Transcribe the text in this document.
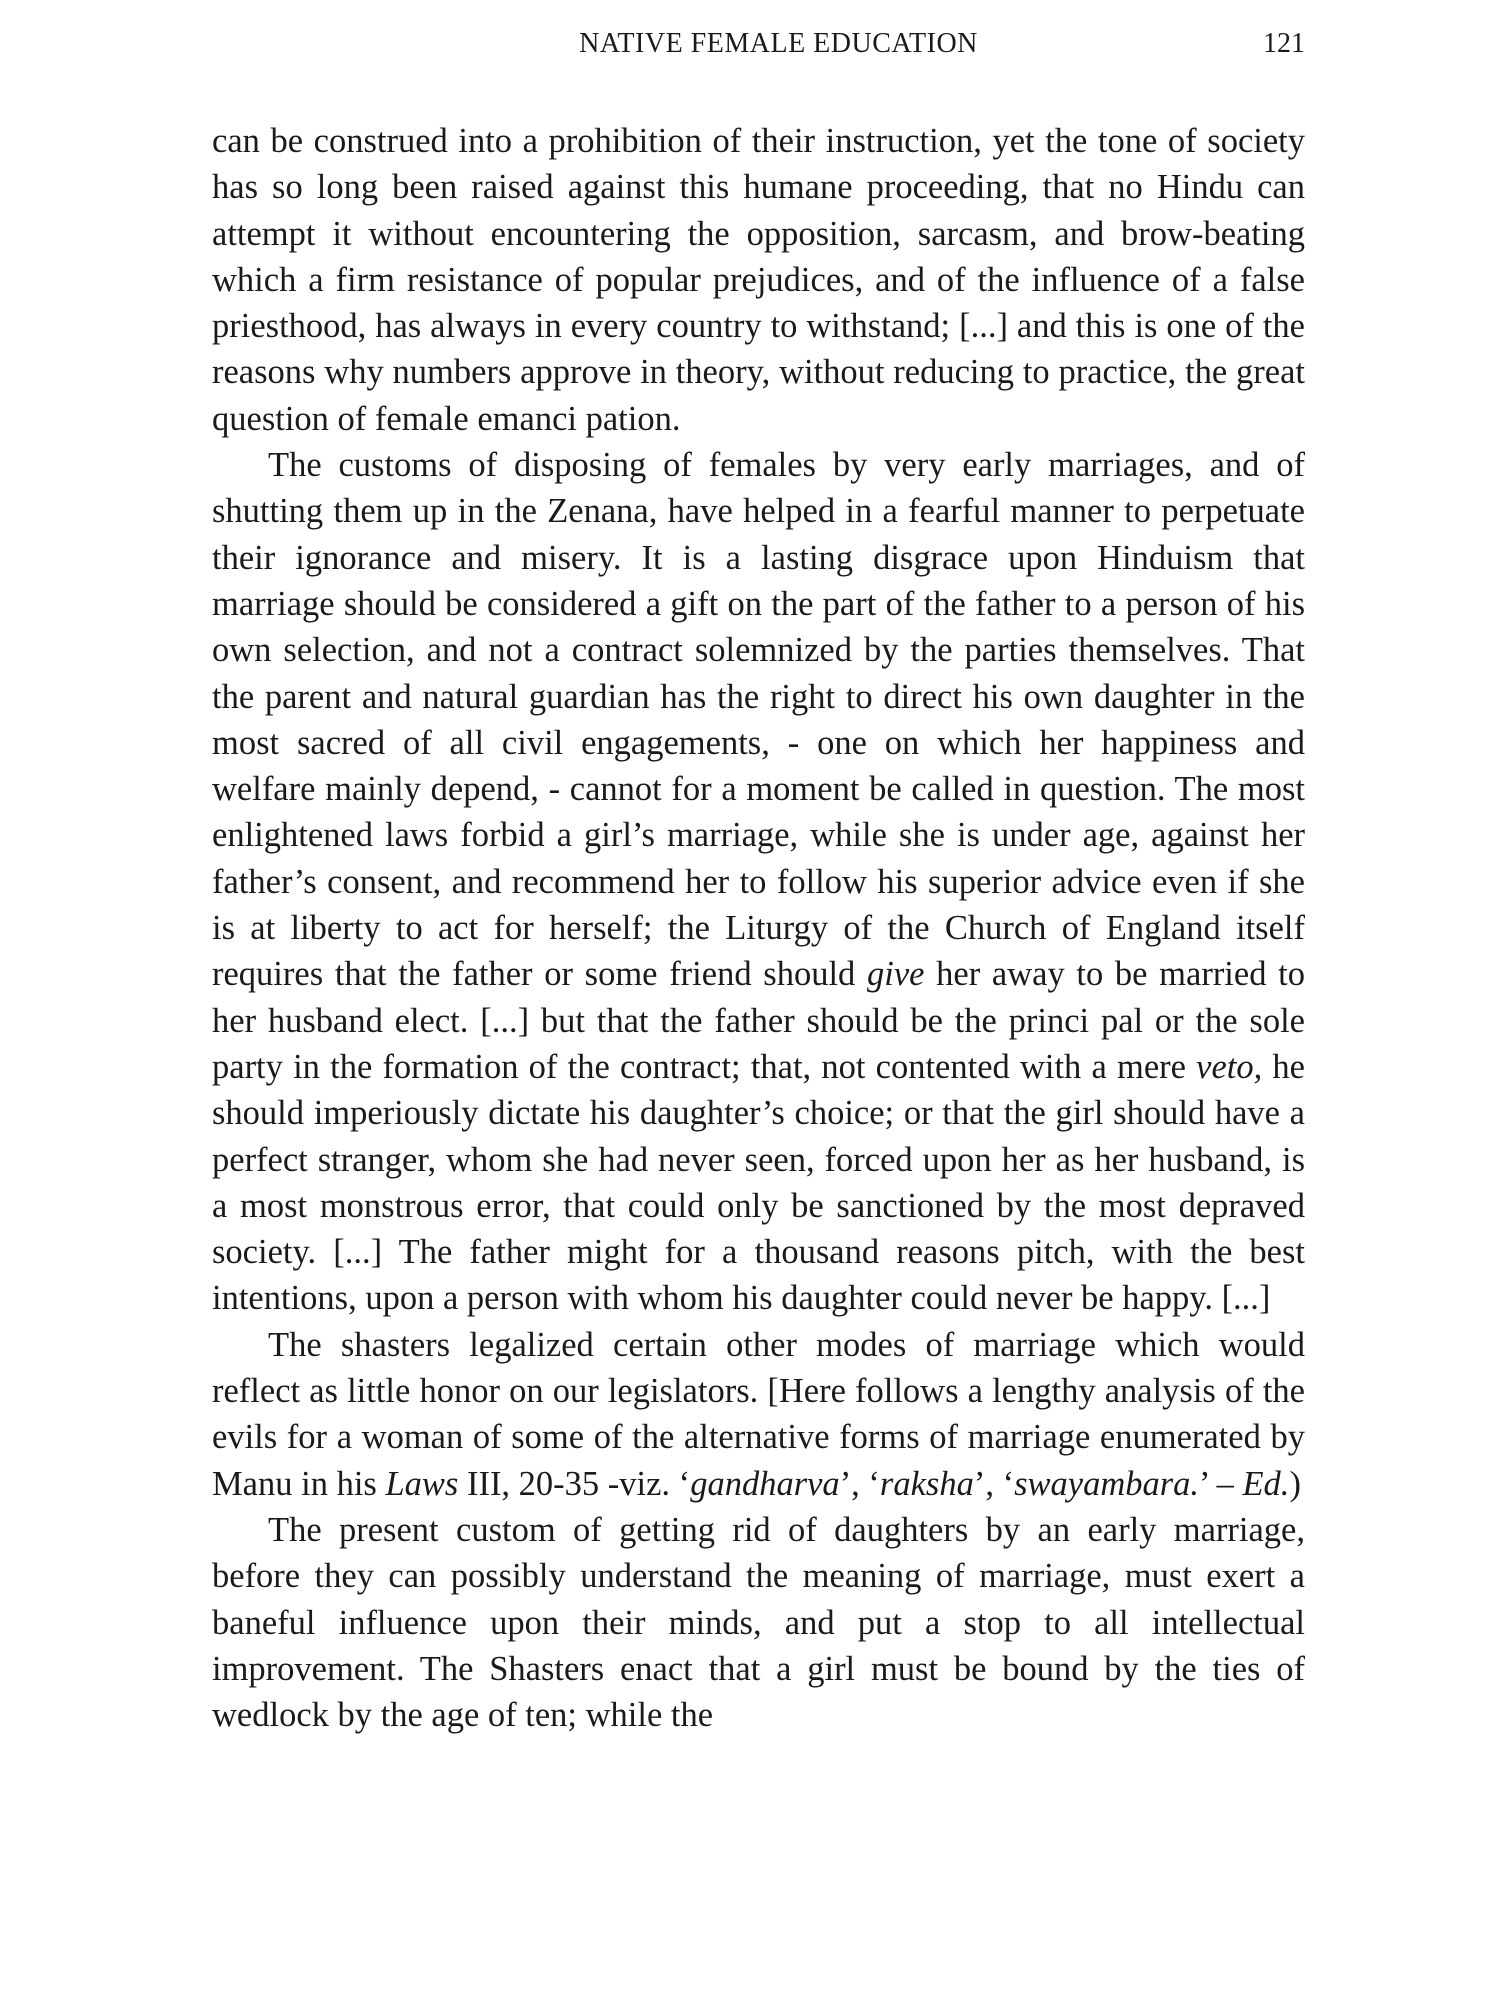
NATIVE FEMALE EDUCATION	121

can be construed into a prohibition of their instruction, yet the tone of society has so long been raised against this humane proceeding, that no Hindu can attempt it without encountering the opposition, sarcasm, and brow-beating which a firm resistance of popular prejudices, and of the influence of a false priesthood, has always in every country to withstand; [...] and this is one of the reasons why numbers approve in theory, without reducing to practice, the great question of female emanci pation.

The customs of disposing of females by very early marriages, and of shutting them up in the Zenana, have helped in a fearful manner to perpetuate their ignorance and misery. It is a lasting disgrace upon Hinduism that marriage should be considered a gift on the part of the father to a person of his own selection, and not a contract solemnized by the parties themselves. That the parent and natural guardian has the right to direct his own daughter in the most sacred of all civil engagements, - one on which her happiness and welfare mainly depend, - cannot for a moment be called in question. The most enlightened laws forbid a girl’s marriage, while she is under age, against her father’s consent, and recommend her to follow his superior advice even if she is at liberty to act for herself; the Liturgy of the Church of England itself requires that the father or some friend should give her away to be married to her husband elect. [...] but that the father should be the princi pal or the sole party in the formation of the contract; that, not contented with a mere veto, he should imperiously dictate his daughter’s choice; or that the girl should have a perfect stranger, whom she had never seen, forced upon her as her husband, is a most monstrous error, that could only be sanctioned by the most depraved society. [...] The father might for a thousand reasons pitch, with the best intentions, upon a person with whom his daughter could never be happy. [...]

The shasters legalized certain other modes of marriage which would reflect as little honor on our legislators. [Here follows a lengthy analysis of the evils for a woman of some of the alternative forms of marriage enumerated by Manu in his Laws III, 20-35 -viz. ‘gandharva’, ‘raksha’, ‘swayambara.’ – Ed.)

The present custom of getting rid of daughters by an early marriage, before they can possibly understand the meaning of marriage, must exert a baneful influence upon their minds, and put a stop to all intellectual improvement. The Shasters enact that a girl must be bound by the ties of wedlock by the age of ten; while the
